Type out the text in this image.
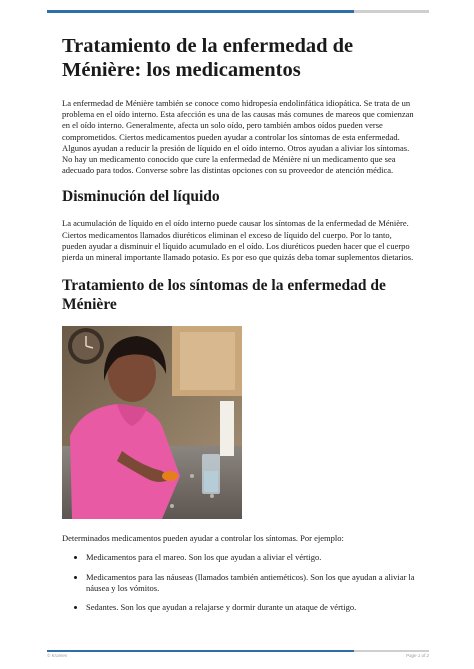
Tratamiento de la enfermedad de Ménière: los medicamentos

La enfermedad de Ménière también se conoce como hidropesía endolinfática idiopática. Se trata de un problema en el oído interno. Esta afección es una de las causas más comunes de mareos que comienzan en el oído interno. Generalmente, afecta un solo oído, pero también ambos oídos pueden verse comprometidos. Ciertos medicamentos pueden ayudar a controlar los síntomas de esta enfermedad. Algunos ayudan a reducir la presión de líquido en el oído interno. Otros ayudan a aliviar los síntomas. No hay un medicamento conocido que cure la enfermedad de Ménière ni un medicamento que sea adecuado para todos. Converse sobre las distintas opciones con su proveedor de atención médica.

Disminución del líquido

La acumulación de líquido en el oído interno puede causar los síntomas de la enfermedad de Ménière. Ciertos medicamentos llamados diuréticos eliminan el exceso de líquido del cuerpo. Por lo tanto, pueden ayudar a disminuir el líquido acumulado en el oído. Los diuréticos pueden hacer que el cuerpo pierda un mineral importante llamado potasio. Es por eso que quizás deba tomar suplementos dietarios.

Tratamiento de los síntomas de la enfermedad de Ménière

Determinados medicamentos pueden ayudar a controlar los síntomas. Por ejemplo:

• Medicamentos para el mareo. Son los que ayudan a aliviar el vértigo.
• Medicamentos para las náuseas (llamados también antieméticos). Son los que ayudan a aliviar la náusea y los vómitos.
• Sedantes. Son los que ayudan a relajarse y dormir durante un ataque de vértigo.
© Krames	Page 1 of 2
